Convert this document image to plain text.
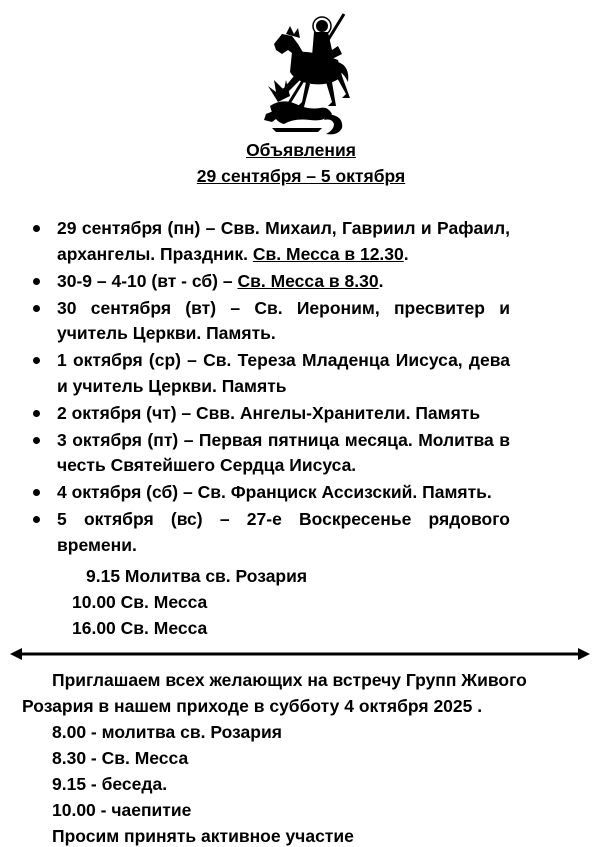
Объявления
29 сентября – 5 октября
29 сентября (пн) – Свв. Михаил, Гавриил и Рафаил, архангелы. Праздник. Св. Месса в 12.30.
30-9 – 4-10 (вт - сб) – Св. Месса в 8.30.
30 сентября (вт) – Св. Иероним, пресвитер и учитель Церкви. Память.
1 октября (ср) – Св. Тереза Младенца Иисуса, дева и учитель Церкви. Память
2 октября (чт) – Свв. Ангелы-Хранители. Память
3 октября (пт) – Первая пятница месяца. Молитва в честь Святейшего Сердца Иисуса.
4 октября (сб) – Св. Франциск Ассизский. Память.
5 октября (вс) – 27-е Воскресенье рядового времени.
9.15 Молитва св. Розария
10.00 Св. Месса
16.00 Св. Месса
Приглашаем всех желающих на встречу Групп Живого
Розария в нашем приходе в субботу 4 октября 2025 .
8.00 - молитва св. Розария
8.30 - Св. Месса
9.15 - беседа.
10.00 - чаепитие
Просим принять активное участие
